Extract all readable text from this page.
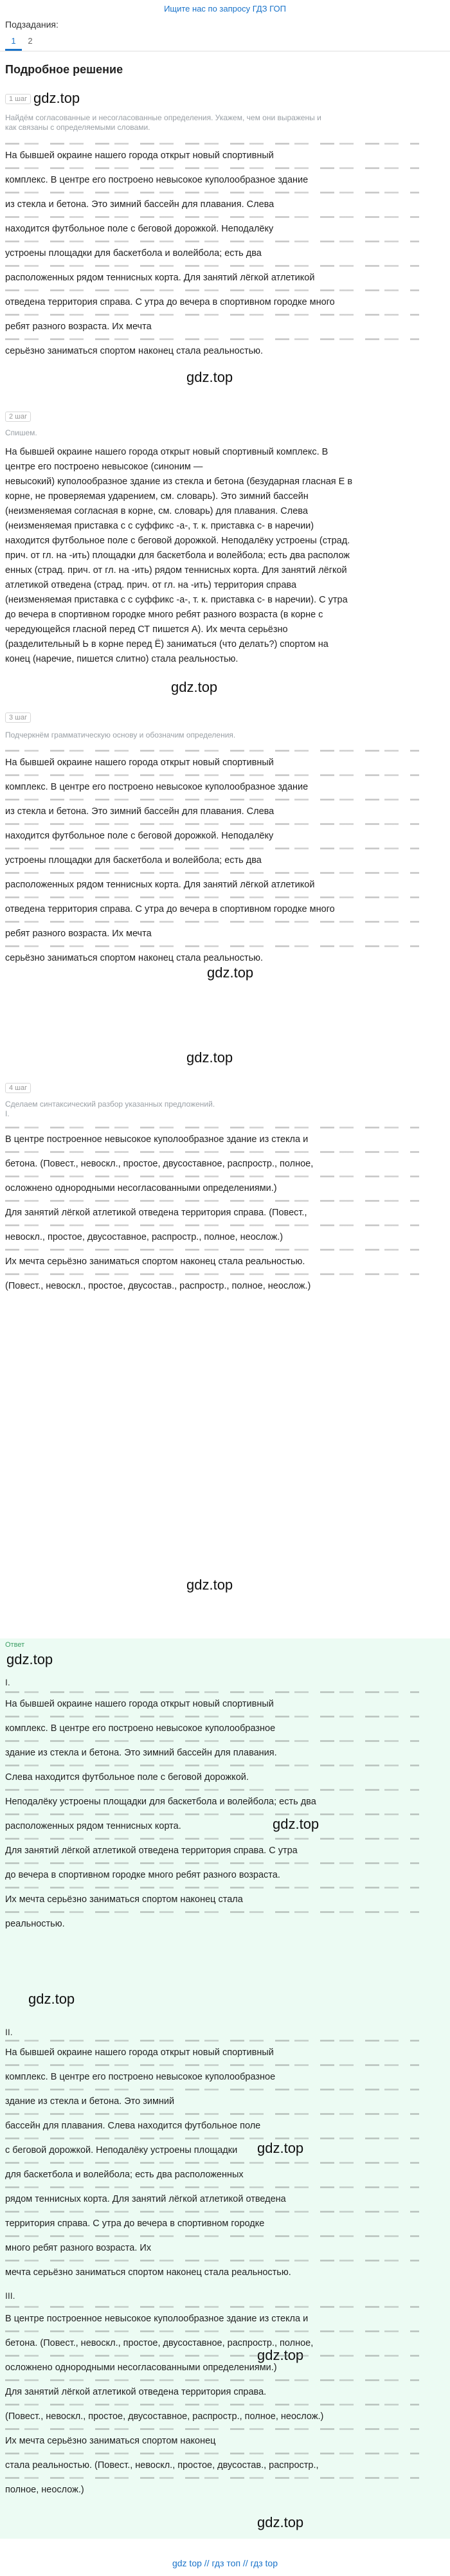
Ищите нас по запросу ГДЗ ГОП
Подзадания:
1	2
Подробное решение
1 шаг gdz.top
Найдём согласованные и несогласованные определения. Укажем, чем они выражены и
как связаны с определяемыми словами.
На бывшей окраине нашего города открыт новый спортивный
комплекс. В центре его построено невысокое куполообразное здание
из стекла и бетона. Это зимний бассейн для плавания. Слева
находится футбольное поле с беговой дорожкой. Неподалёку
устроены площадки для баскетбола и волейбола; есть два
расположенных рядом теннисных корта. Для занятий лёгкой атлетикой
отведена территория справа. С утра до вечера в спортивном городке много
ребят разного возраста. Их мечта
серьёзно заниматься спортом наконец стала реальностью.
gdz.top
2 шаг
Спишем.
На бывшей окраине нашего города открыт новый спортивный комплекс. В
центре его построено невысокое (синоним —
невысокий) куполообразное здание из стекла и бетона (безударная гласная Е в
корне, не проверяемая ударением, см. словарь). Это зимний бассейн
(неизменяемая согласная в корне, см. словарь) для плавания. Слева
(неизменяемая приставка с с суффикс -а-, т. к. приставка с- в наречии)
находится футбольное поле с беговой дорожкой. Неподалёку устроены (страд.
прич. от гл. на -ить) площадки для баскетбола и волейбола; есть два располож
енных (страд. прич. от гл. на -ить) рядом теннисных корта. Для занятий лёгкой
атлетикой отведена (страд. прич. от гл. на -ить) территория справа
(неизменяемая приставка с с суффикс -а-, т. к. приставка с- в наречии). С утра
до вечера в спортивном городке много ребят разного возраста (в корне с
чередующейся гласной перед СТ пишется А). Их мечта серьёзно
(разделительный Ь в корне перед Ё) заниматься (что делать?) спортом на
конец (наречие, пишется слитно) стала реальностью.
gdz.top
3 шаг
Подчеркнём грамматическую основу и обозначим определения.
На бывшей окраине нашего города открыт новый спортивный
комплекс. В центре его построено невысокое куполообразное здание
из стекла и бетона. Это зимний бассейн для плавания. Слева
находится футбольное поле с беговой дорожкой. Неподалёку
устроены площадки для баскетбола и волейбола; есть два
расположенных рядом теннисных корта. Для занятий лёгкой атлетикой
отведена территория справа. С утра до вечера в спортивном городке много
ребят разного возраста. Их мечта
серьёзно заниматься спортом наконец стала реальностью.
gdz.top
gdz.top
4 шаг
Сделаем синтаксический разбор указанных предложений.
I.
В центре построенное невысокое куполообразное здание из стекла и
бетона. (Повест., невоскл., простое, двусоставное, распростр., полное,
осложнено однородными несогласованными определениями.)
Для занятий лёгкой атлетикой отведена территория справа. (Повест.,
невоскл., простое, двусоставное, распростр., полное, неослож.)
Их мечта серьёзно заниматься спортом наконец стала реальностью.
(Повест., невоскл., простое, двусостав., распростр., полное, неослож.)
gdz.top
Ответ
gdz.top
I.
На бывшей окраине нашего города открыт новый спортивный
комплекс. В центре его построено невысокое куполообразное
здание из стекла и бетона. Это зимний бассейн для плавания.
Слева находится футбольное поле с беговой дорожкой.
Неподалёку устроены площадки для баскетбола и волейбола; есть два
расположенных рядом теннисных корта.
Для занятий лёгкой атлетикой отведена территория справа. С утра
до вечера в спортивном городке много ребят разного возраста.
Их мечта серьёзно заниматься спортом наконец стала
реальностью.
gdz.top
gdz.top
II.
На бывшей окраине нашего города открыт новый спортивный
комплекс. В центре его построено невысокое куполообразное
здание из стекла и бетона. Это зимний
бассейн для плавания. Слева находится футбольное поле
с беговой дорожкой. Неподалёку устроены площадки
для баскетбола и волейбола; есть два расположенных
рядом теннисных корта. Для занятий лёгкой атлетикой отведена
территория справа. С утра до вечера в спортивном городке
много ребят разного возраста. Их
мечта серьёзно заниматься спортом наконец стала реальностью.
gdz.top
gdz.top
III.
В центре построенное невысокое куполообразное здание из стекла и
бетона. (Повест., невоскл., простое, двусоставное, распростр., полное,
осложнено однородными несогласованными определениями.)
Для занятий лёгкой атлетикой отведена территория справа.
(Повест., невоскл., простое, двусоставное, распростр., полное, неослож.)
Их мечта серьёзно заниматься спортом наконец
стала реальностью. (Повест., невоскл., простое, двусостав., распростр.,
полное, неослож.)
gdz.top
gdz top // гдз топ // гдз top
